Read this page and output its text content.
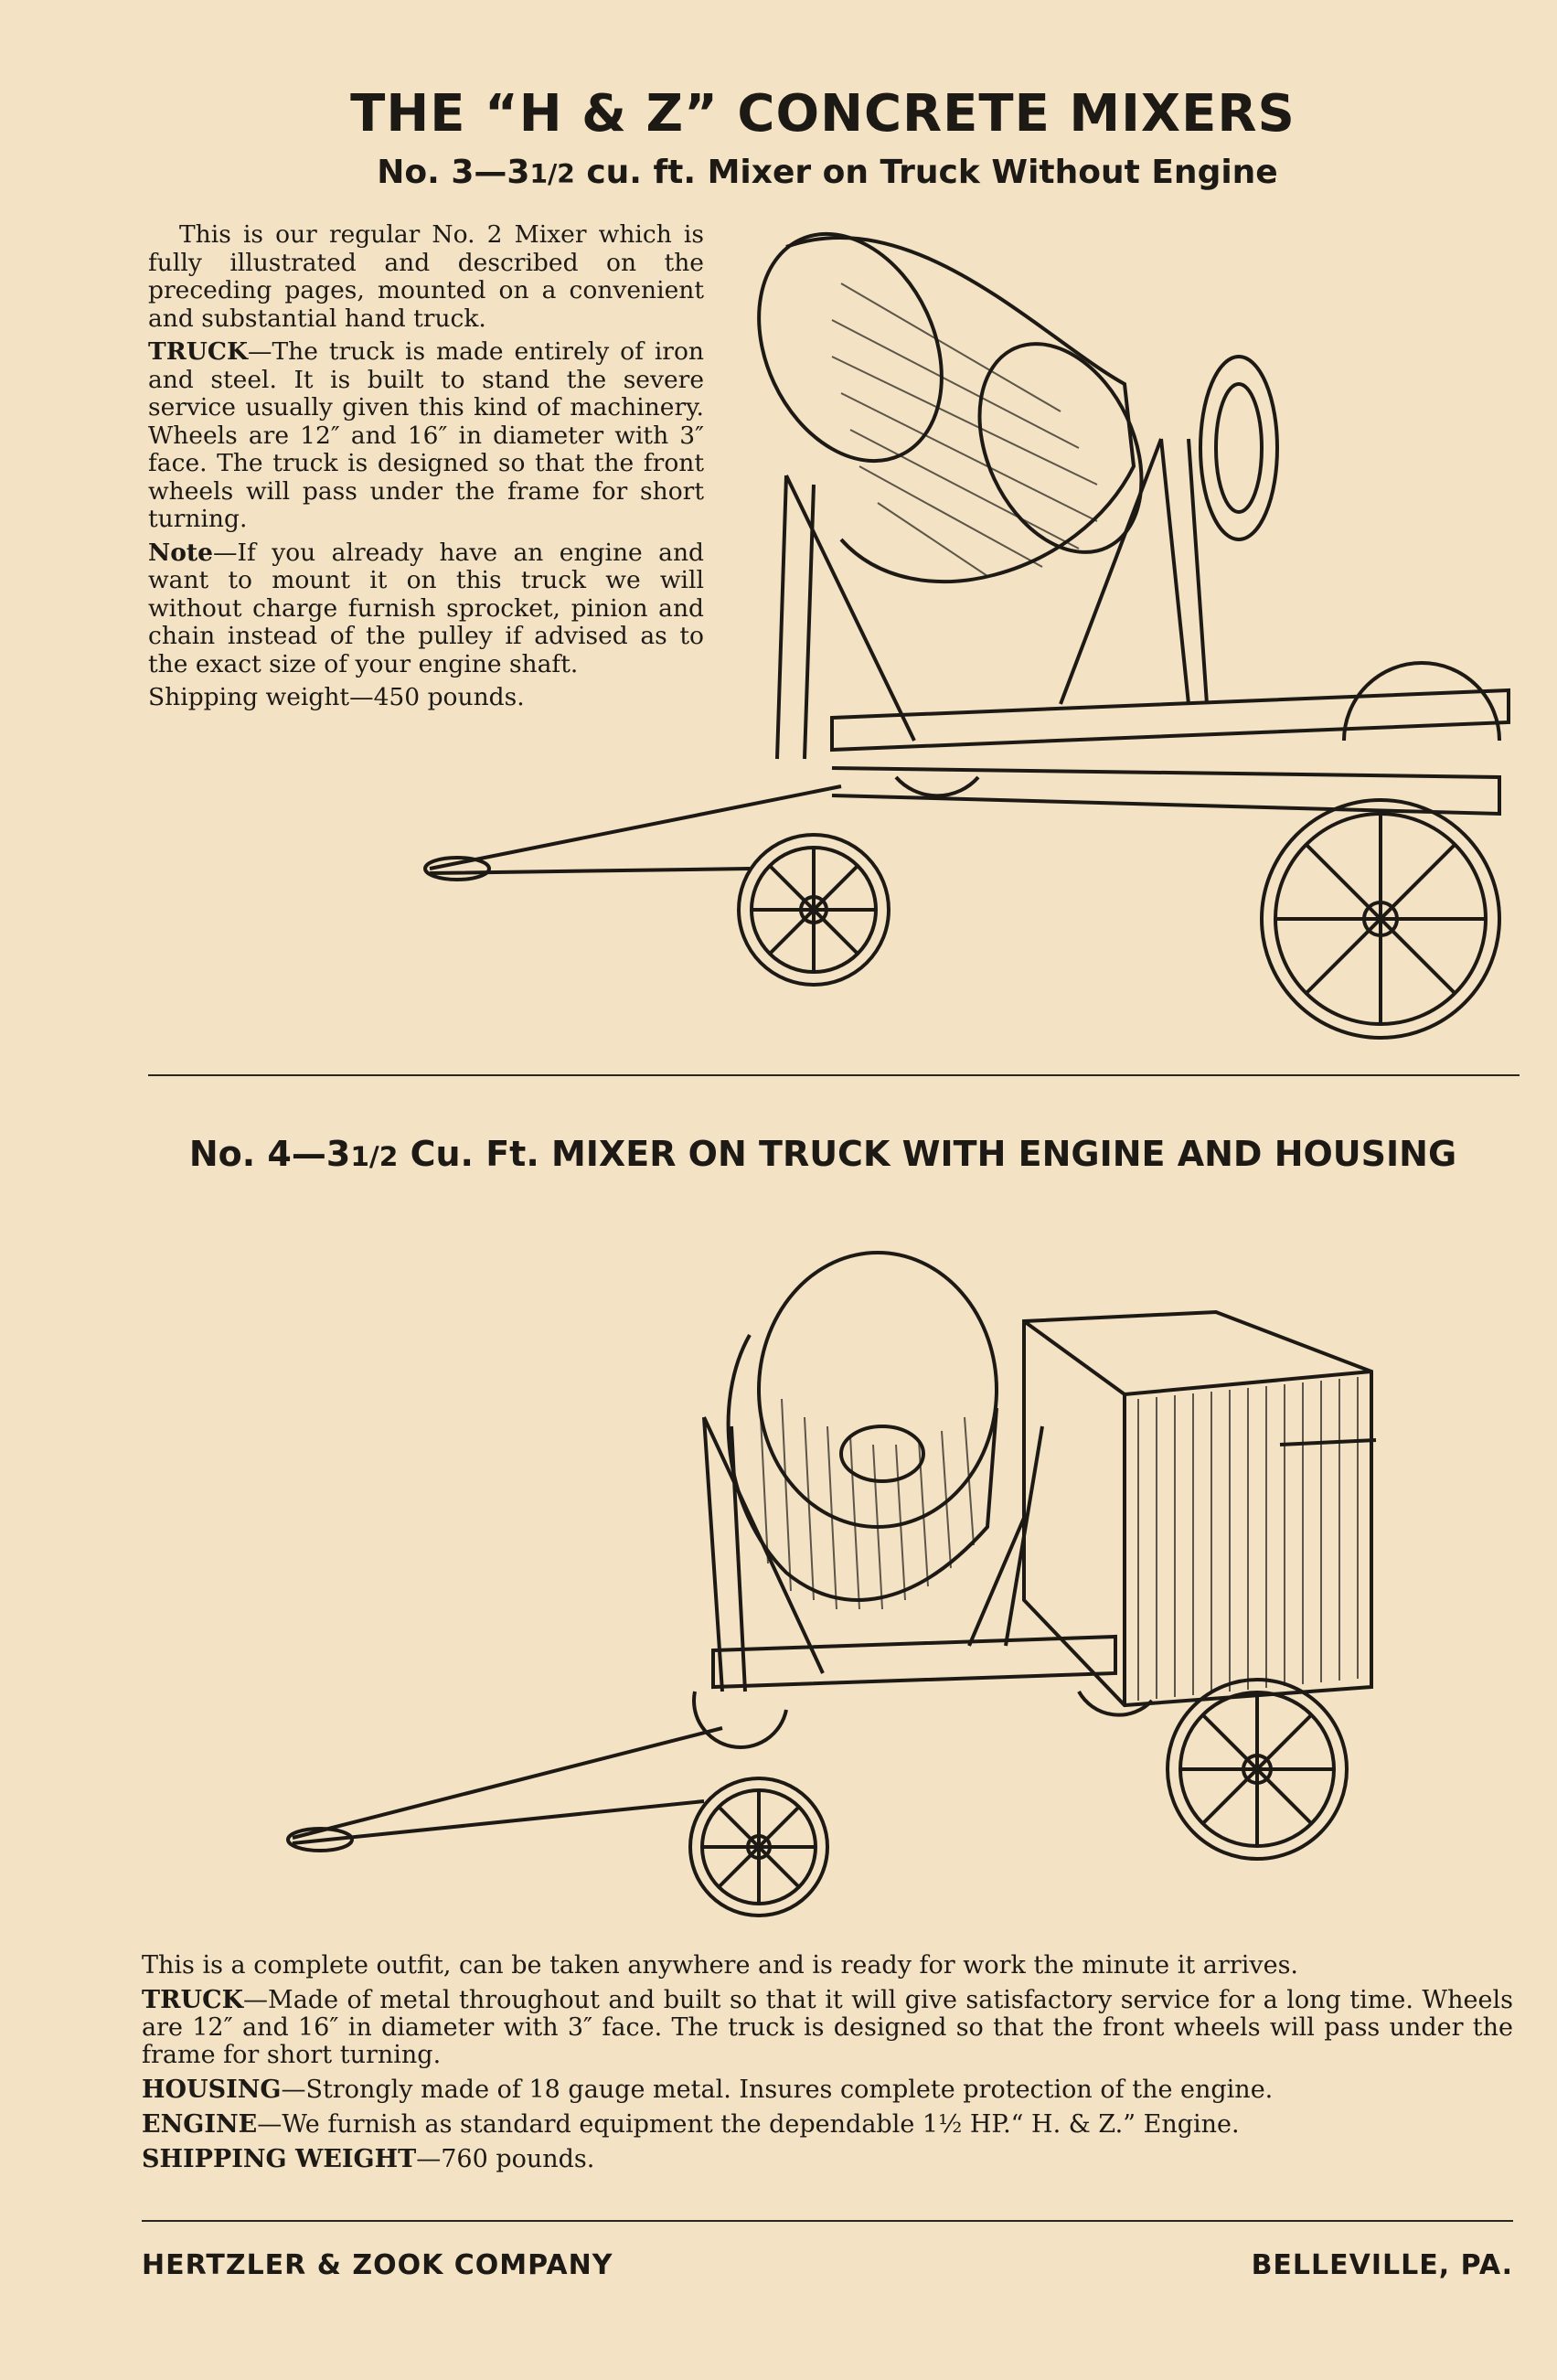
THE “H & Z” CONCRETE MIXERS
No. 3—31/2 cu. ft. Mixer on Truck Without Engine

This is our regular No. 2 Mixer which is fully illustrated and described on the preceding pages, mounted on a convenient and substantial hand truck.

TRUCK—The truck is made entirely of iron and steel. It is built to stand the severe service usually given this kind of machinery. Wheels are 12″ and 16″ in diameter with 3″ face. The truck is designed so that the front wheels will pass under the frame for short turning.

Note—If you already have an engine and want to mount it on this truck we will without charge furnish sprocket, pinion and chain instead of the pulley if advised as to the exact size of your engine shaft.

Shipping weight—450 pounds.

No. 4—31/2 Cu. Ft. MIXER ON TRUCK WITH ENGINE AND HOUSING

This is a complete outfit, can be taken anywhere and is ready for work the minute it arrives.

TRUCK—Made of metal throughout and built so that it will give satisfactory service for a long time. Wheels are 12″ and 16″ in diameter with 3″ face. The truck is designed so that the front wheels will pass under the frame for short turning.

HOUSING—Strongly made of 18 gauge metal. Insures complete protection of the engine.

ENGINE—We furnish as standard equipment the dependable 1½ HP.“ H. & Z.” Engine.

SHIPPING WEIGHT—760 pounds.

HERTZLER & ZOOK COMPANY	BELLEVILLE, PA.
